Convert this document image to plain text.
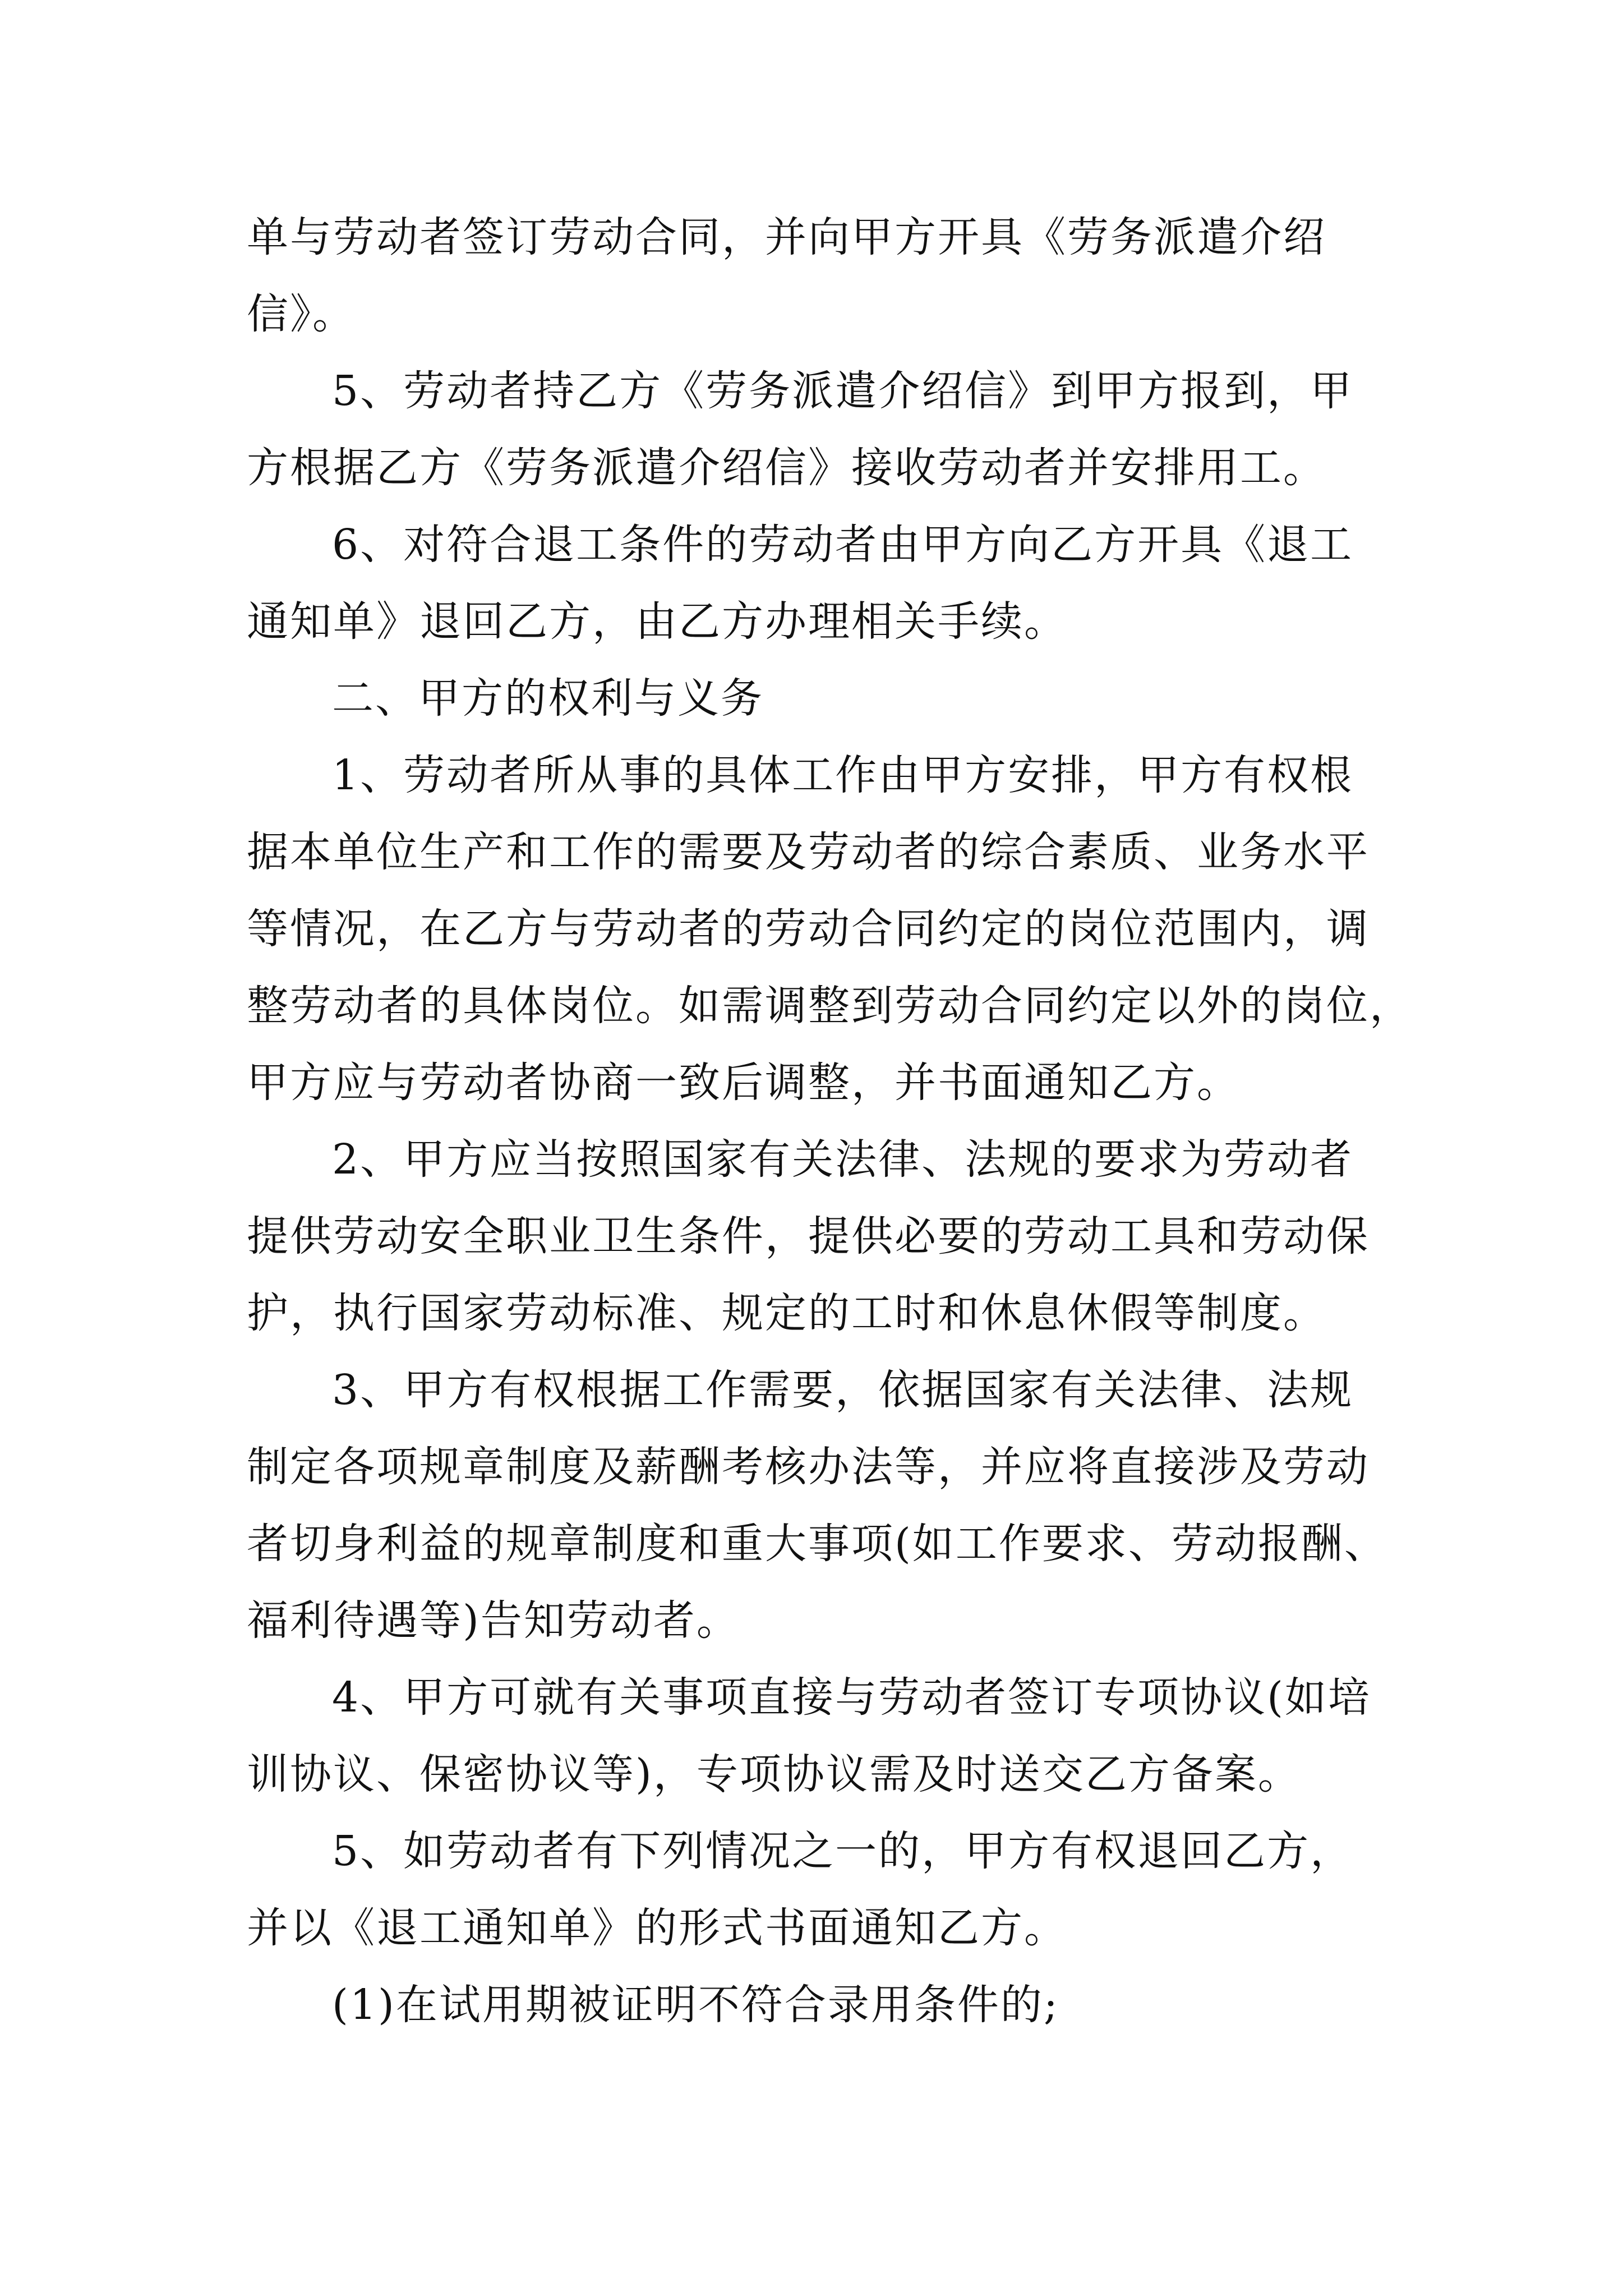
单与劳动者签订劳动合同，并向甲方开具《劳务派遣介绍
信》。
5、劳动者持乙方《劳务派遣介绍信》到甲方报到，甲
方根据乙方《劳务派遣介绍信》接收劳动者并安排用工。
6、对符合退工条件的劳动者由甲方向乙方开具《退工
通知单》退回乙方，由乙方办理相关手续。
二、甲方的权利与义务
1、劳动者所从事的具体工作由甲方安排，甲方有权根
据本单位生产和工作的需要及劳动者的综合素质、业务水平
等情况，在乙方与劳动者的劳动合同约定的岗位范围内，调
整劳动者的具体岗位。如需调整到劳动合同约定以外的岗位，
甲方应与劳动者协商一致后调整，并书面通知乙方。
2、甲方应当按照国家有关法律、法规的要求为劳动者
提供劳动安全职业卫生条件，提供必要的劳动工具和劳动保
护，执行国家劳动标准、规定的工时和休息休假等制度。
3、甲方有权根据工作需要，依据国家有关法律、法规
制定各项规章制度及薪酬考核办法等，并应将直接涉及劳动
者切身利益的规章制度和重大事项(如工作要求、劳动报酬、
福利待遇等)告知劳动者。
4、甲方可就有关事项直接与劳动者签订专项协议(如培
训协议、保密协议等)，专项协议需及时送交乙方备案。
5、如劳动者有下列情况之一的，甲方有权退回乙方，
并以《退工通知单》的形式书面通知乙方。
(1)在试用期被证明不符合录用条件的;
